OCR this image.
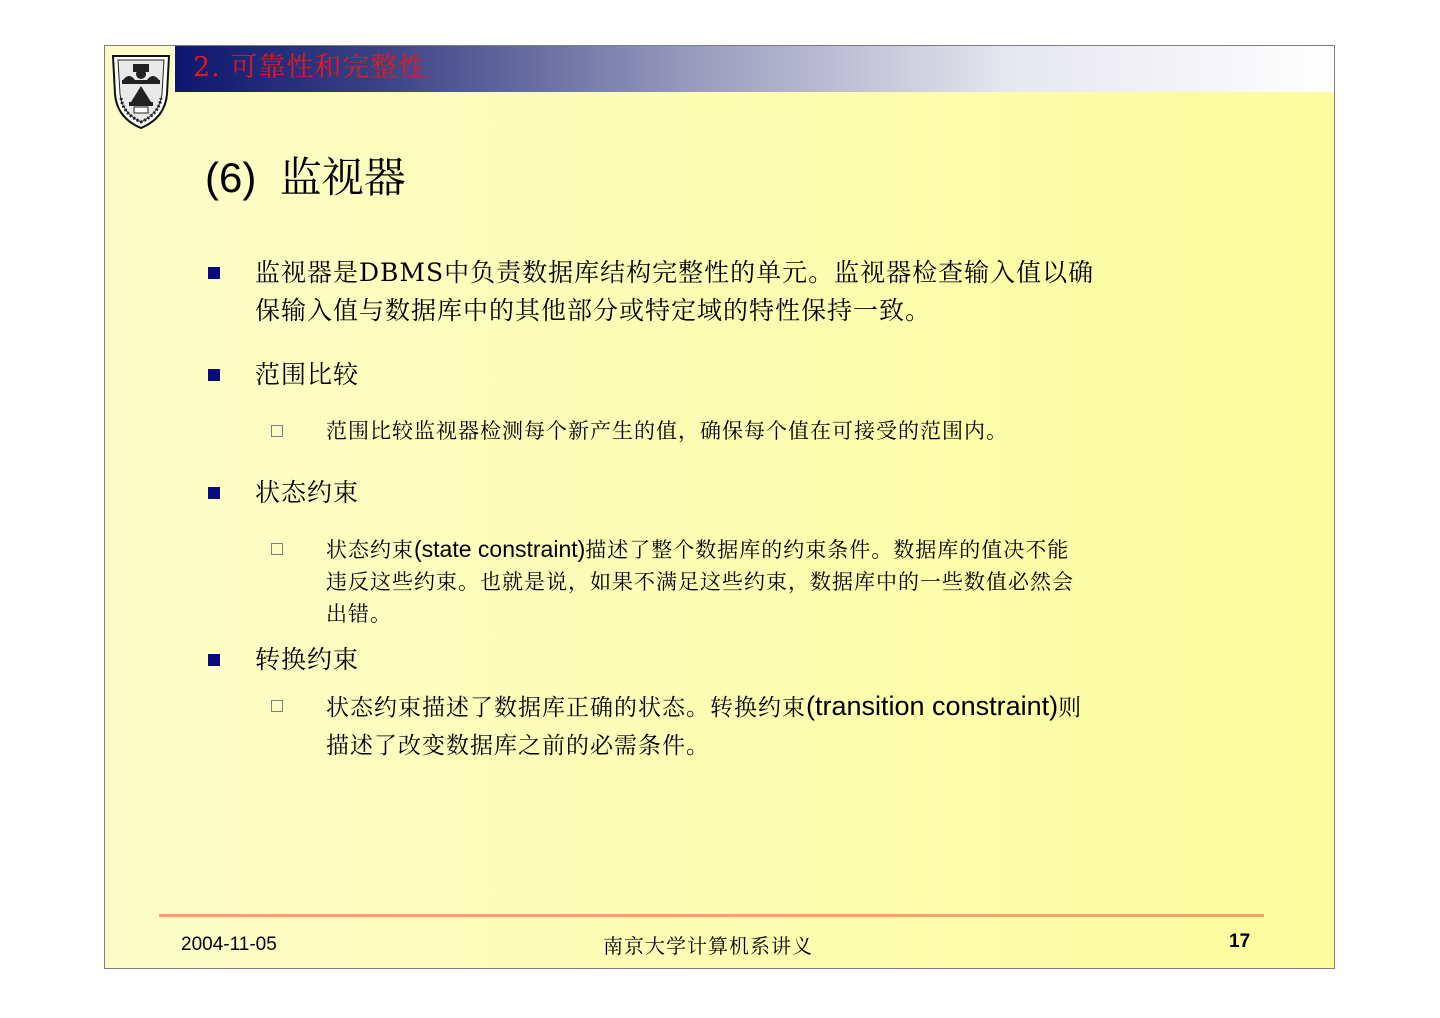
2. 可靠性和完整性
(6) 监视器
监视器是DBMS中负责数据库结构完整性的单元。监视器检查输入值以确
保输入值与数据库中的其他部分或特定域的特性保持一致。
范围比较
范围比较监视器检测每个新产生的值，确保每个值在可接受的范围内。
状态约束
状态约束(state constraint)描述了整个数据库的约束条件。数据库的值决不能
违反这些约束。也就是说，如果不满足这些约束，数据库中的一些数值必然会
出错。
转换约束
状态约束描述了数据库正确的状态。转换约束(transition constraint)则
描述了改变数据库之前的必需条件。
2004-11-05	南京大学计算机系讲义	17
